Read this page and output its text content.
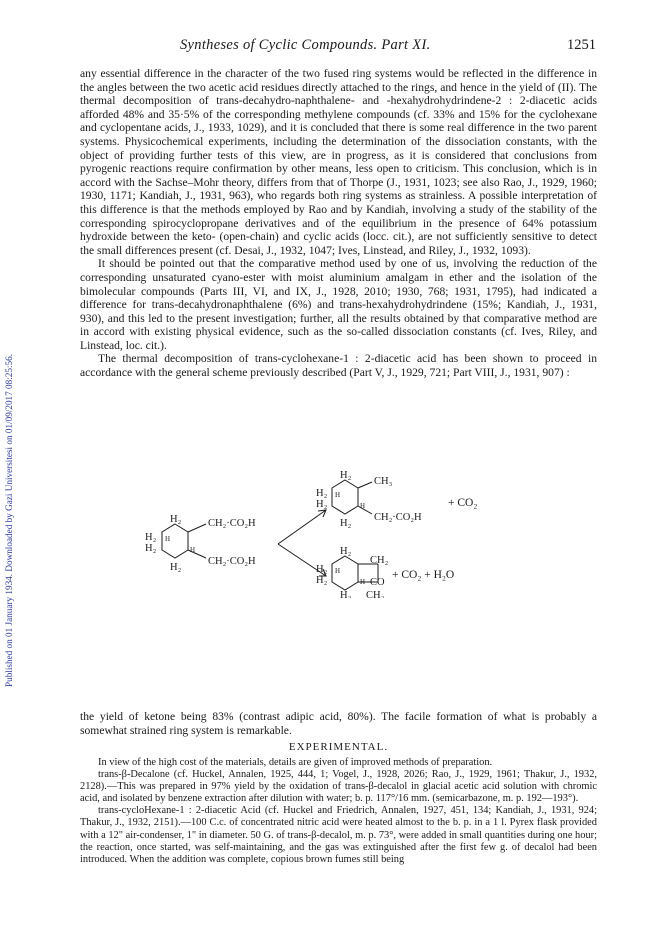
Published on 01 January 1934. Downloaded by Gazi Universitesi on 01/09/2017 08:25:56.
Syntheses of Cyclic Compounds. Part XI.	1251

any essential difference in the character of the two fused ring systems would be reflected in the difference in the angles between the two acetic acid residues directly attached to the rings, and hence in the yield of (II). The thermal decomposition of trans-decahydro-naphthalene- and -hexahydrohydrindene-2 : 2-diacetic acids afforded 48% and 35·5% of the corresponding methylene compounds (cf. 33% and 15% for the cyclohexane and cyclopentane acids, J., 1933, 1029), and it is concluded that there is some real difference in the two parent systems. Physicochemical experiments, including the determination of the dissociation constants, with the object of providing further tests of this view, are in progress, as it is considered that conclusions from pyrogenic reactions require confirmation by other means, less open to criticism. This conclusion, which is in accord with the Sachse–Mohr theory, differs from that of Thorpe (J., 1931, 1023; see also Rao, J., 1929, 1960; 1930, 1171; Kandiah, J., 1931, 963), who regards both ring systems as strainless. A possible interpretation of this difference is that the methods employed by Rao and by Kandiah, involving a study of the stability of the corresponding spirocyclopropane derivatives and of the equilibrium in the presence of 64% potassium hydroxide between the keto- (open-chain) and cyclic acids (locc. cit.), are not sufficiently sensitive to detect the small differences present (cf. Desai, J., 1932, 1047; Ives, Linstead, and Riley, J., 1932, 1093).

It should be pointed out that the comparative method used by one of us, involving the reduction of the corresponding unsaturated cyano-ester with moist aluminium amalgam in ether and the isolation of the bimolecular compounds (Parts III, VI, and IX, J., 1928, 2010; 1930, 768; 1931, 1795), had indicated a difference for trans-decahydronaphthalene (6%) and trans-hexahydrohydrindene (15%; Kandiah, J., 1931, 930), and this led to the present investigation; further, all the results obtained by that comparative method are in accord with existing physical evidence, such as the so-called dissociation constants (cf. Ives, Riley, and Linstead, loc. cit.).

The thermal decomposition of trans-cyclohexane-1 : 2-diacetic acid has been shown to proceed in accordance with the general scheme previously described (Part V, J., 1929, 721; Part VIII, J., 1931, 907) :

H₂
H₂
H₂
H₂
H
H
CH₂·CO₂H
CH₂·CO₂H
H₂
H₂
H₂
H₂
H
H
CH₃
CH₂·CO₂H
+ CO₂
H₂
H₂
H₂
H₂
H
H
CH₂
CO
CH₂
+ CO₂ + H₂O

the yield of ketone being 83% (contrast adipic acid, 80%). The facile formation of what is probably a somewhat strained ring system is remarkable.

EXPERIMENTAL.

In view of the high cost of the materials, details are given of improved methods of preparation.

trans-β-Decalone (cf. Huckel, Annalen, 1925, 444, 1; Vogel, J., 1928, 2026; Rao, J., 1929, 1961; Thakur, J., 1932, 2128).—This was prepared in 97% yield by the oxidation of trans-β-decalol in glacial acetic acid solution with chromic acid, and isolated by benzene extraction after dilution with water; b. p. 117°/16 mm. (semicarbazone, m. p. 192—193°).

trans-cycloHexane-1 : 2-diacetic Acid (cf. Huckel and Friedrich, Annalen, 1927, 451, 134; Kandiah, J., 1931, 924; Thakur, J., 1932, 2151).—100 C.c. of concentrated nitric acid were heated almost to the b. p. in a 1 l. Pyrex flask provided with a 12" air-condenser, 1" in diameter. 50 G. of trans-β-decalol, m. p. 73°, were added in small quantities during one hour; the reaction, once started, was self-maintaining, and the gas was extinguished after the first few g. of decalol had been introduced. When the addition was complete, copious brown fumes still being
